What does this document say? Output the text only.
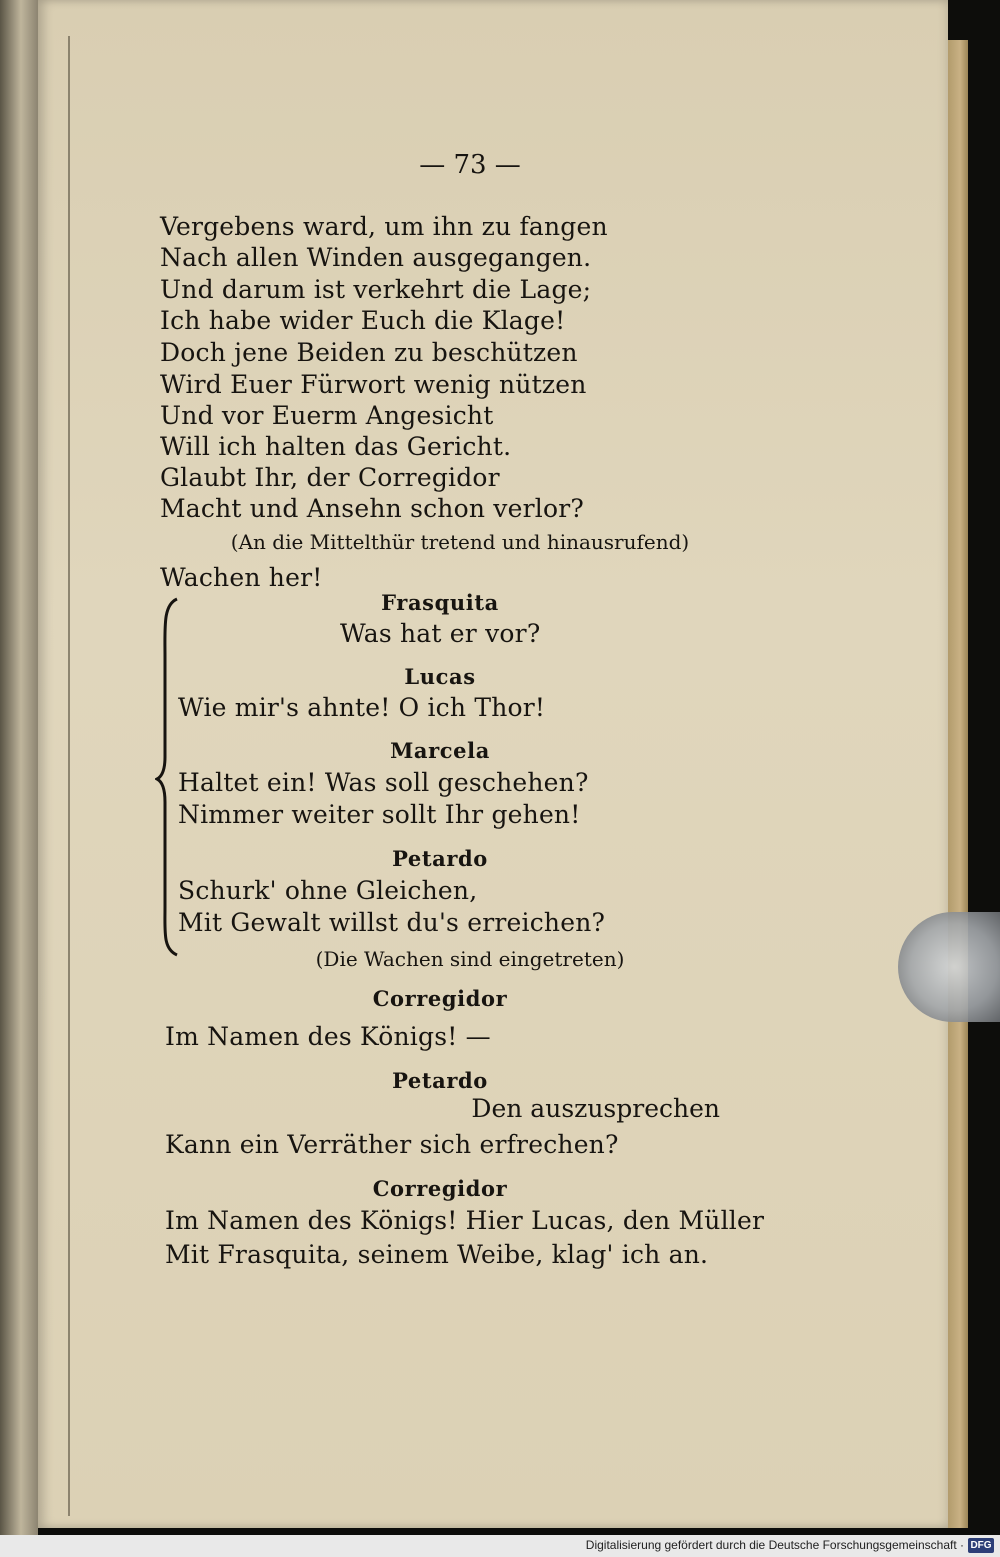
— 73 —
Vergebens ward, um ihn zu fangen
Nach allen Winden ausgegangen.
Und darum ist verkehrt die Lage;
Ich habe wider Euch die Klage!
Doch jene Beiden zu beschützen
Wird Euer Fürwort wenig nützen
Und vor Euerm Angesicht
Will ich halten das Gericht.
Glaubt Ihr, der Corregidor
Macht und Ansehn schon verlor?
(An die Mittelthür tretend und hinausrufend)
Wachen her!
Frasquita
Was hat er vor?
Lucas
Wie mir's ahnte! O ich Thor!
Marcela
Haltet ein! Was soll geschehen?
Nimmer weiter sollt Ihr gehen!
Petardo
Schurk' ohne Gleichen,
Mit Gewalt willst du's erreichen?
(Die Wachen sind eingetreten)
Corregidor
Im Namen des Königs! —
Petardo
Den auszusprechen
Kann ein Verräther sich erfrechen?
Corregidor
Im Namen des Königs! Hier Lucas, den Müller
Mit Frasquita, seinem Weibe, klag' ich an.
Digitalisierung gefördert durch die Deutsche Forschungsgemeinschaft · DFG
